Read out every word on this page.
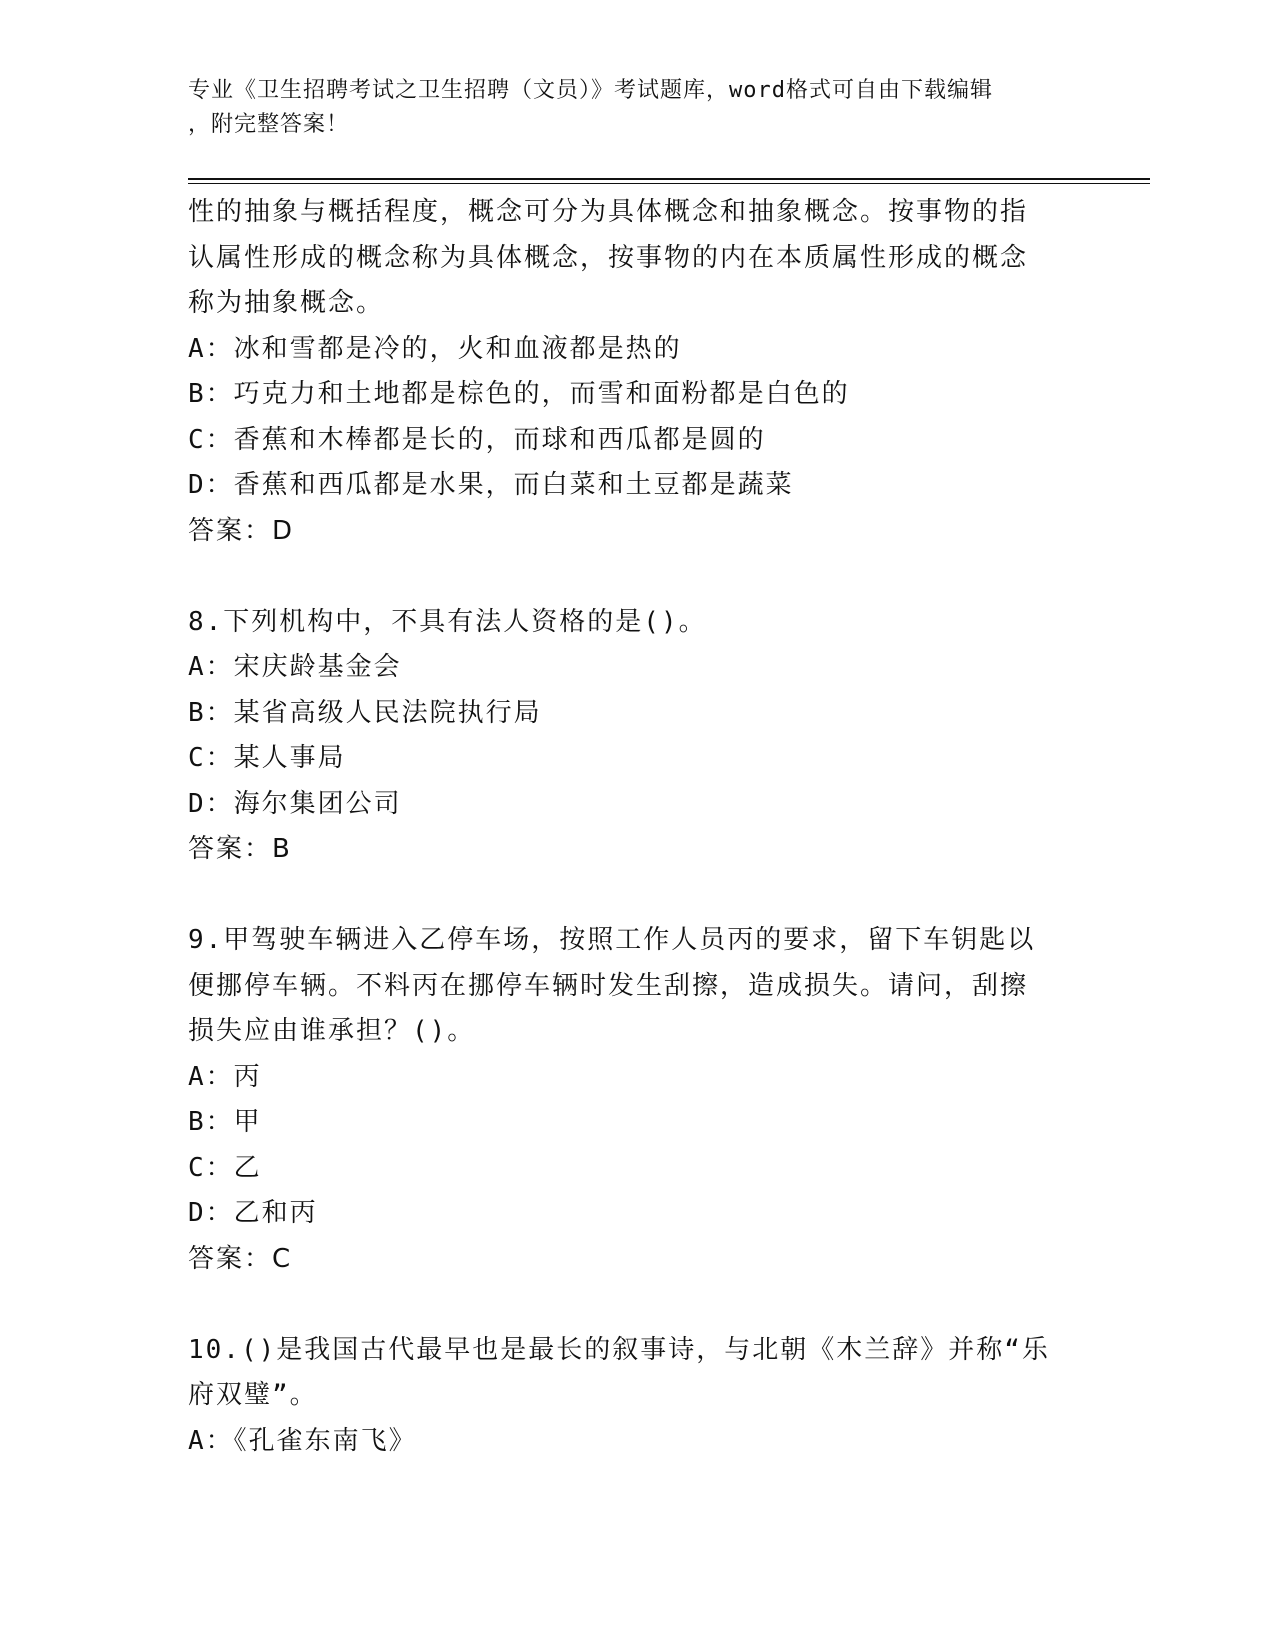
专业《卫生招聘考试之卫生招聘（文员）》考试题库，word格式可自由下载编辑
，附完整答案！
性的抽象与概括程度，概念可分为具体概念和抽象概念。按事物的指
认属性形成的概念称为具体概念，按事物的内在本质属性形成的概念
称为抽象概念。
A：冰和雪都是冷的，火和血液都是热的
B：巧克力和土地都是棕色的，而雪和面粉都是白色的
C：香蕉和木棒都是长的，而球和西瓜都是圆的
D：香蕉和西瓜都是水果，而白菜和土豆都是蔬菜
答案：D
8.下列机构中，不具有法人资格的是()。
A：宋庆龄基金会
B：某省高级人民法院执行局
C：某人事局
D：海尔集团公司
答案：B
9.甲驾驶车辆进入乙停车场，按照工作人员丙的要求，留下车钥匙以
便挪停车辆。不料丙在挪停车辆时发生刮擦，造成损失。请问，刮擦
损失应由谁承担？()。
A：丙
B：甲
C：乙
D：乙和丙
答案：C
10.()是我国古代最早也是最长的叙事诗，与北朝《木兰辞》并称“乐
府双璧”。
A：《孔雀东南飞》
